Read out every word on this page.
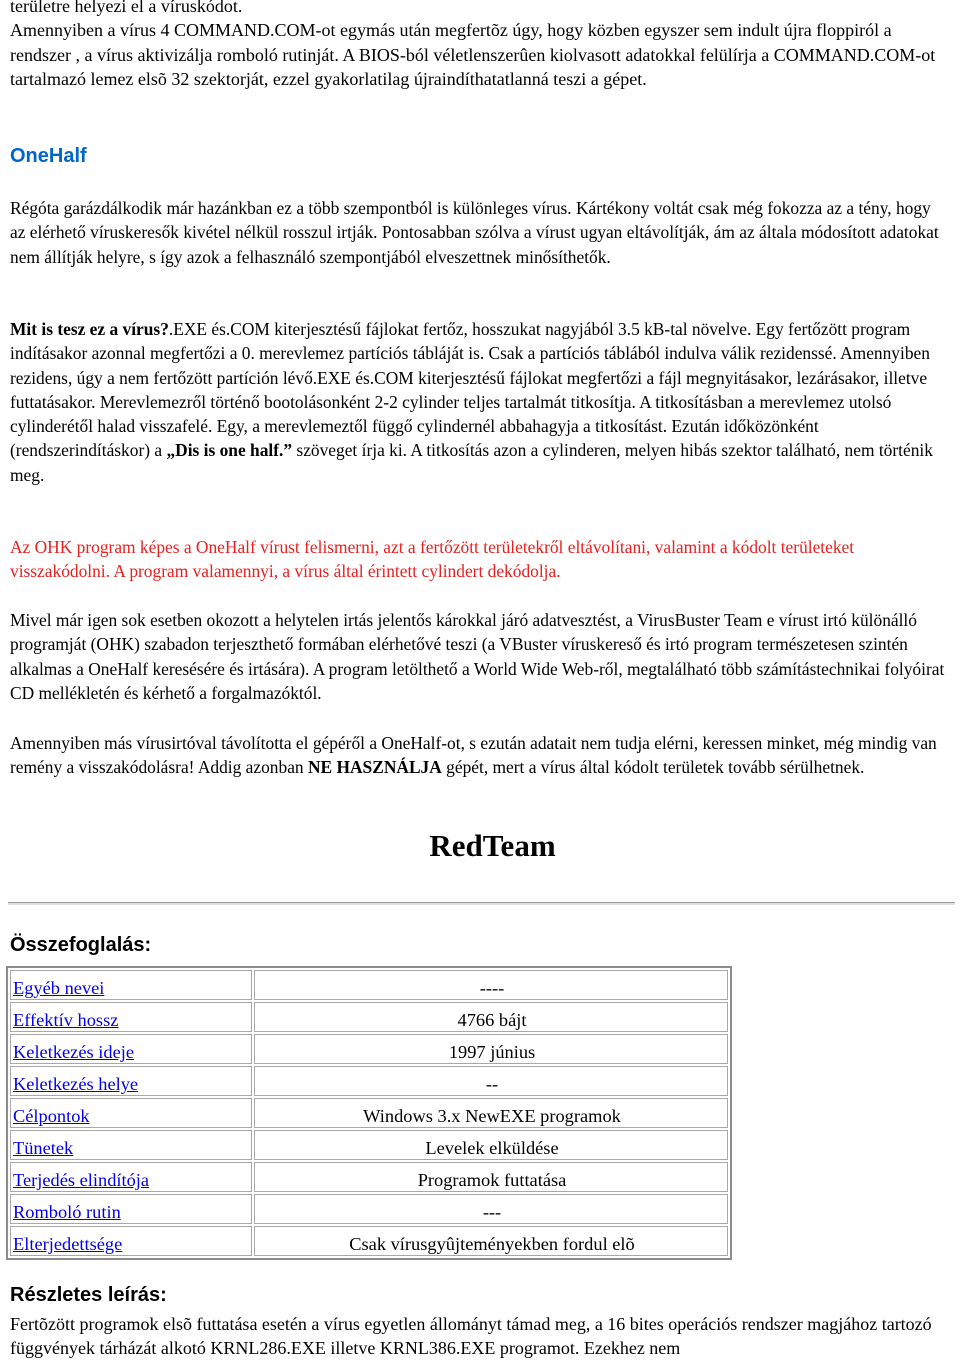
területre helyezi el a víruskódot.

Amennyiben a vírus 4 COMMAND.COM-ot egymás után megfertõz úgy, hogy közben egyszer sem indult újra floppiról a rendszer , a vírus aktivizálja romboló rutinját. A BIOS-ból véletlenszerûen kiolvasott adatokkal felülírja a COMMAND.COM-ot tartalmazó lemez elsõ 32 szektorját, ezzel gyakorlatilag újraindíthatatlanná teszi a gépet.

OneHalf

Régóta garázdálkodik már hazánkban ez a több szempontból is különleges vírus. Kártékony voltát csak még fokozza az a tény, hogy az elérhető víruskeresők kivétel nélkül rosszul irtják. Pontosabban szólva a vírust ugyan eltávolítják, ám az általa módosított adatokat nem állítják helyre, s így azok a felhasználó szempontjából elveszettnek minősíthetők.

Mit is tesz ez a vírus?.EXE és.COM kiterjesztésű fájlokat fertőz, hosszukat nagyjából 3.5 kB-tal növelve. Egy fertőzött program indításakor azonnal megfertőzi a 0. merevlemez partíciós tábláját is. Csak a partíciós táblából indulva válik rezidenssé. Amennyiben rezidens, úgy a nem fertőzött partíción lévő.EXE és.COM kiterjesztésű fájlokat megfertőzi a fájl megnyitásakor, lezárásakor, illetve futtatásakor. Merevlemezről történő bootolásonként 2-2 cylinder teljes tartalmát titkosítja. A titkosításban a merevlemez utolsó cylinderétől halad visszafelé. Egy, a merevlemeztől függő cylindernél abbahagyja a titkosítást. Ezután időközönként (rendszerindításkor) a „Dis is one half.” szöveget írja ki. A titkosítás azon a cylinderen, melyen hibás szektor található, nem történik meg.

Az OHK program képes a OneHalf vírust felismerni, azt a fertőzött területekről eltávolítani, valamint a kódolt területeket visszakódolni. A program valamennyi, a vírus által érintett cylindert dekódolja.

Mivel már igen sok esetben okozott a helytelen irtás jelentős károkkal járó adatvesztést, a VirusBuster Team e vírust irtó különálló programját (OHK) szabadon terjeszthető formában elérhetővé teszi (a VBuster víruskereső és irtó program természetesen szintén alkalmas a OneHalf keresésére és irtására). A program letölthető a World Wide Web-ről, megtalálható több számítástechnikai folyóirat CD mellékletén és kérhető a forgalmazóktól.

Amennyiben más vírusirtóval távolította el gépéről a OneHalf-ot, s ezután adatait nem tudja elérni, keressen minket, még mindig van remény a visszakódolásra! Addig azonban NE HASZNÁLJA gépét, mert a vírus által kódolt területek tovább sérülhetnek.

RedTeam
Összefoglalás:
Egyéb nevei	----
Effektív hossz	4766 bájt
Keletkezés ideje	1997 június
Keletkezés helye	--
Célpontok	Windows 3.x NewEXE programok
Tünetek	Levelek elküldése
Terjedés elindítója	Programok futtatása
Romboló rutin	---
Elterjedettsége	Csak vírusgyûjteményekben fordul elõ
Részletes leírás:

Fertõzött programok elsõ futtatása esetén a vírus egyetlen állományt támad meg, a 16 bites operációs rendszer magjához tartozó függvények tárházát alkotó KRNL286.EXE illetve KRNL386.EXE programot. Ezekhez nem
